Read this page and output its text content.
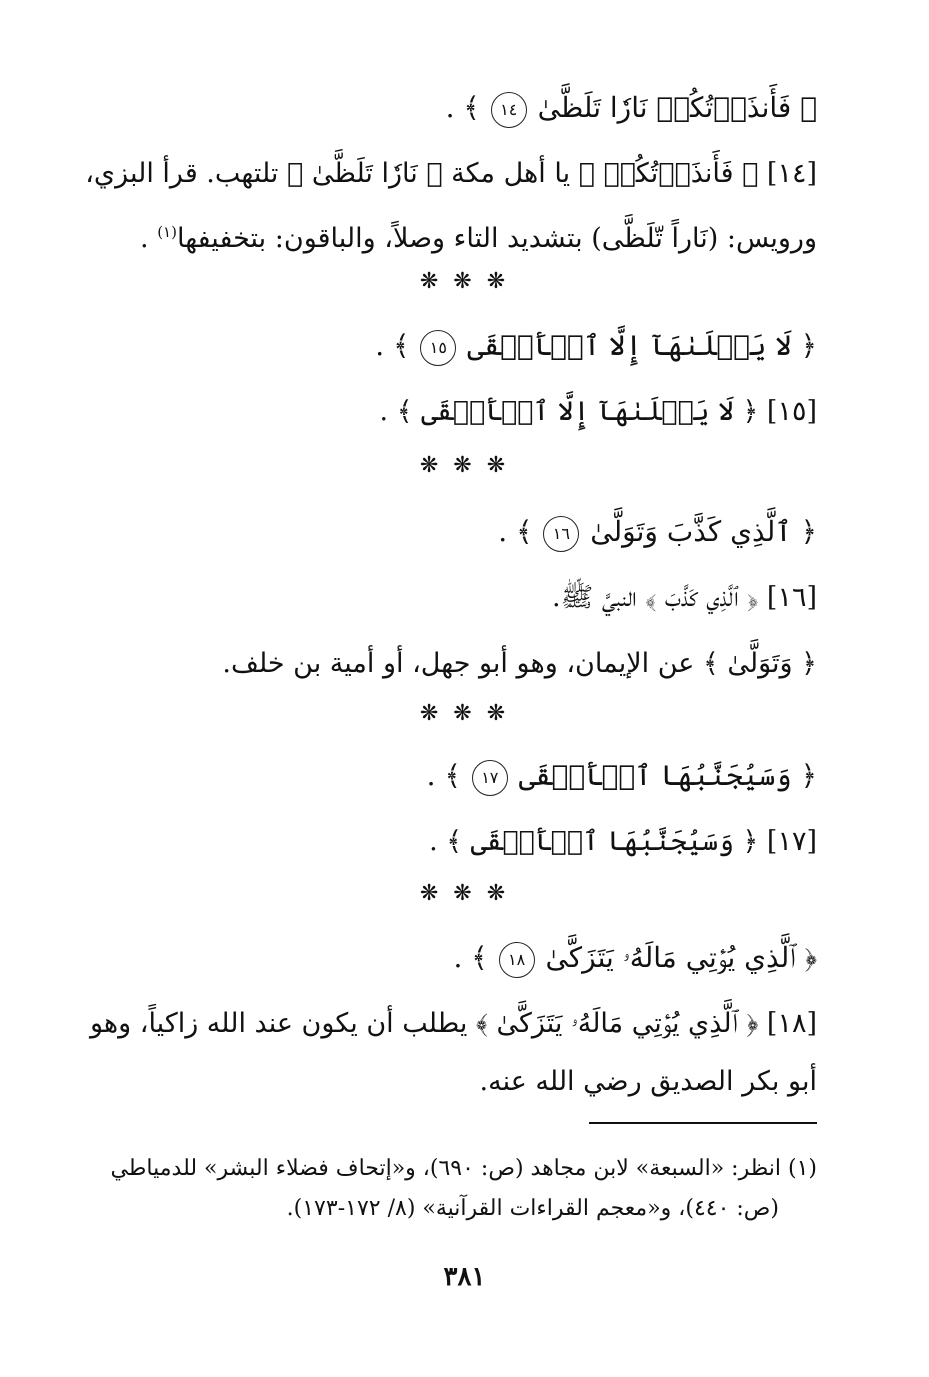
﴿ فَأَنذَرۡتُكُمۡ نَارٗا تَلَظَّىٰ ١٤ ﴾ .
[١٤] ﴿ فَأَنذَرۡتُكُمۡ ﴾ يا أهل مكة ﴿ نَارٗا تَلَظَّىٰ ﴾ تلتهب. قرأ البزي،
ورويس: (نَاراً تّلَظَّى) بتشديد التاء وصلاً، والباقون: بتخفيفها$^{(١)}$ .
❋ ❋ ❋
﴿ لَا يَصۡلَىٰهَآ إِلَّا ٱلۡأَشۡقَى ١٥ ﴾ .
[١٥] ﴿ لَا يَصۡلَىٰهَآ إِلَّا ٱلۡأَشۡقَى ﴾ .
❋ ❋ ❋
﴿ ٱلَّذِي كَذَّبَ وَتَوَلَّىٰ ١٦ ﴾ .
[١٦] ﴿ ٱلَّذِي كَذَّبَ ﴾ النبيَّ ﷺ.
﴿ وَتَوَلَّىٰ ﴾ عن الإيمان، وهو أبو جهل، أو أمية بن خلف.
❋ ❋ ❋
﴿ وَسَيُجَنَّبُهَا ٱلۡأَتۡقَى ١٧ ﴾ .
[١٧] ﴿ وَسَيُجَنَّبُهَا ٱلۡأَتۡقَى ﴾ .
❋ ❋ ❋
﴿ ٱلَّذِي يُؤۡتِي مَالَهُۥ يَتَزَكَّىٰ ١٨ ﴾ .
[١٨] ﴿ ٱلَّذِي يُؤۡتِي مَالَهُۥ يَتَزَكَّىٰ ﴾ يطلب أن يكون عند الله زاكياً، وهو
أبو بكر الصديق رضي الله عنه.
(١) انظر: «السبعة» لابن مجاهد (ص: ٦٩٠)، و«إتحاف فضلاء البشر» للدمياطي
(ص: ٤٤٠)، و«معجم القراءات القرآنية» (٨/ ١٧٢-١٧٣).
٣٨١
